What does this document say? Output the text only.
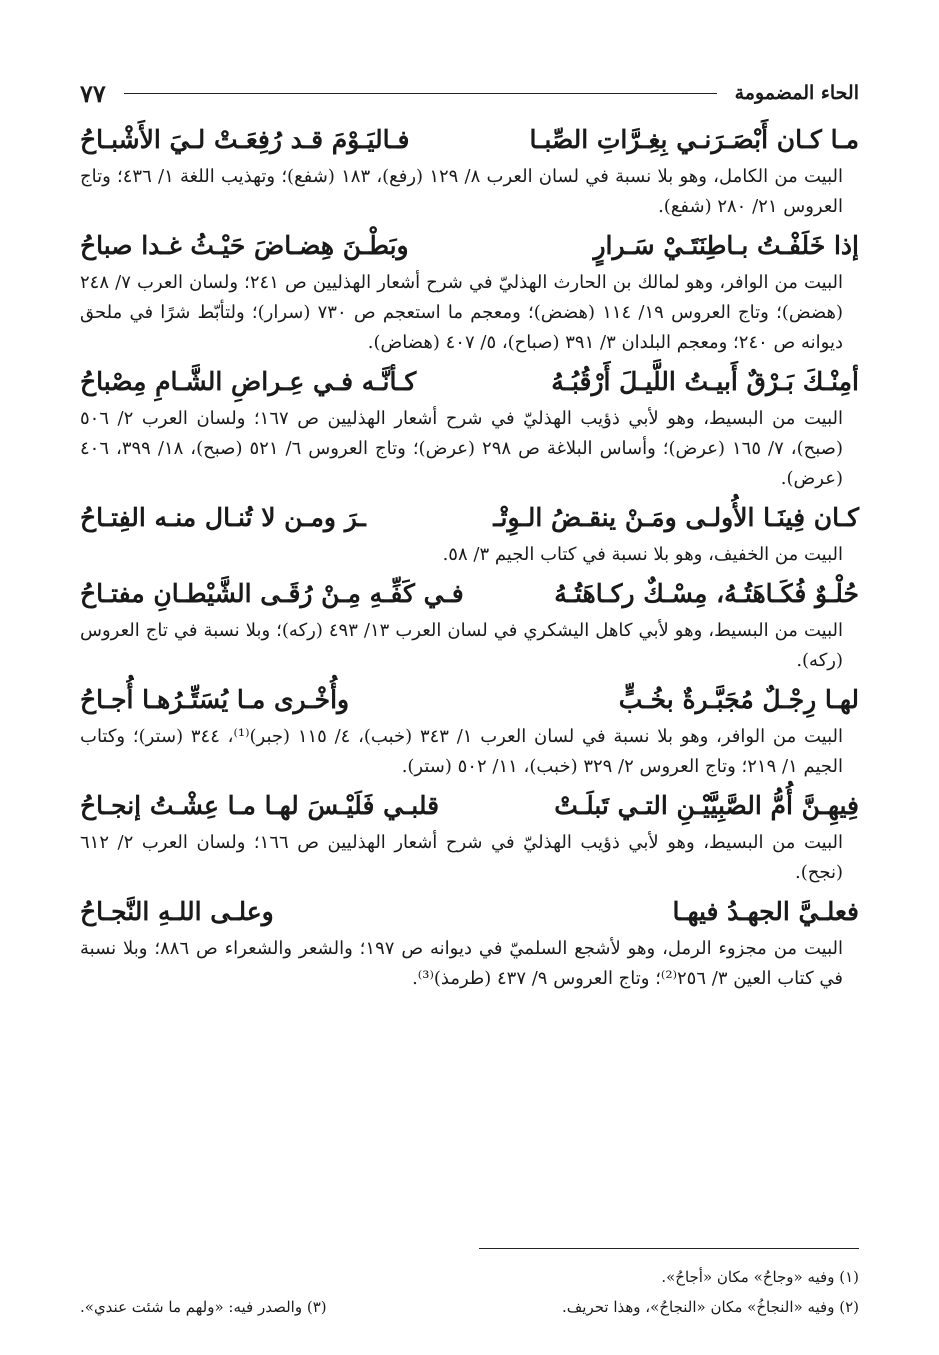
الحاء المضمومة
٧٧
مـا كـان أَبْصَـرَنـي بِغِـرَّاتِ الصِّبـا
فـاليَـوْمَ قـد رُفِعَـتْ لـيَ الأَشْبـاحُ
البيت من الكامل، وهو بلا نسبة في لسان العرب ٨/ ١٢٩ (رفع)، ١٨٣ (شفع)؛ وتهذيب اللغة ١/ ٤٣٦؛ وتاج العروس ٢١/ ٢٨٠ (شفع).
إذا خَلَفْـتُ بـاطِنَتَـيْ سَـرارٍ
وبَطْـنَ هِضـاضَ حَيْـثُ غـدا صباحُ
البيت من الوافر، وهو لمالك بن الحارث الهذليّ في شرح أشعار الهذليين ص ٢٤١؛ ولسان العرب ٧/ ٢٤٨ (هضض)؛ وتاج العروس ١٩/ ١١٤ (هضض)؛ ومعجم ما استعجم ص ٧٣٠ (سرار)؛ ولتأبّط شرًا في ملحق ديوانه ص ٢٤٠؛ ومعجم البلدان ٣/ ٣٩١ (صباح)، ٥/ ٤٠٧ (هضاض).
أمِنْـكَ بَـرْقٌ أَبيـتُ اللَّيـلَ أَرْقُبُـهُ
كـأنَّـه فـي عِـراضِ الشَّـامِ مِصْباحُ
البيت من البسيط، وهو لأبي ذؤيب الهذليّ في شرح أشعار الهذليين ص ١٦٧؛ ولسان العرب ٢/ ٥٠٦ (صبح)، ٧/ ١٦٥ (عرض)؛ وأساس البلاغة ص ٢٩٨ (عرض)؛ وتاج العروس ٦/ ٥٢١ (صبح)، ١٨/ ٣٩٩، ٤٠٦ (عرض).
كـان فِينَـا الأُولـى ومَـنْ ينقـضُ الـوِتْـ
ـرَ ومـن لا تُنـال منـه الفِتـاحُ
البيت من الخفيف، وهو بلا نسبة في كتاب الجيم ٣/ ٥٨.
حُلْـوٌ فُكَـاهَتُـهُ، مِسْـكٌ ركـاهَتُـهُ
فـي كَفِّـهِ مِـنْ رُقَـى الشَّيْطـانِ مفتـاحُ
البيت من البسيط، وهو لأبي كاهل اليشكري في لسان العرب ١٣/ ٤٩٣ (ركه)؛ وبلا نسبة في تاج العروس (ركه).
لهـا رِجْـلٌ مُجَبَّـرةٌ بخُـبٍّ
وأُخْـرى مـا يُسَتِّـرُهـا أُجـاحُ
البيت من الوافر، وهو بلا نسبة في لسان العرب ١/ ٣٤٣ (خبب)، ٤/ ١١٥ (جبر)⁽¹⁾، ٣٤٤ (ستر)؛ وكتاب الجيم ١/ ٢١٩؛ وتاج العروس ٢/ ٣٢٩ (خبب)، ١١/ ٥٠٢ (ستر).
فِيهِـنَّ أُمُّ الصَّبِيَّيْـنِ التـي تَبلَـتْ
قلبـي فَلَيْـسَ لهـا مـا عِشْـتُ إنجـاحُ
البيت من البسيط، وهو لأبي ذؤيب الهذليّ في شرح أشعار الهذليين ص ١٦٦؛ ولسان العرب ٢/ ٦١٢ (نجح).
فعلـيَّ الجهـدُ فيهـا
وعلـى اللـهِ النَّجـاحُ
البيت من مجزوء الرمل، وهو لأشجع السلميّ في ديوانه ص ١٩٧؛ والشعر والشعراء ص ٨٨٦؛ وبلا نسبة في كتاب العين ٣/ ٢٥٦⁽²⁾؛ وتاج العروس ٩/ ٤٣٧ (طرمذ)⁽³⁾.
(١) وفيه «وجاحُ» مكان «أجاحُ».
(٢) وفيه «النجاخُ» مكان «النجاحُ»، وهذا تحريف.
(٣) والصدر فيه: «ولهم ما شئت عندي».
